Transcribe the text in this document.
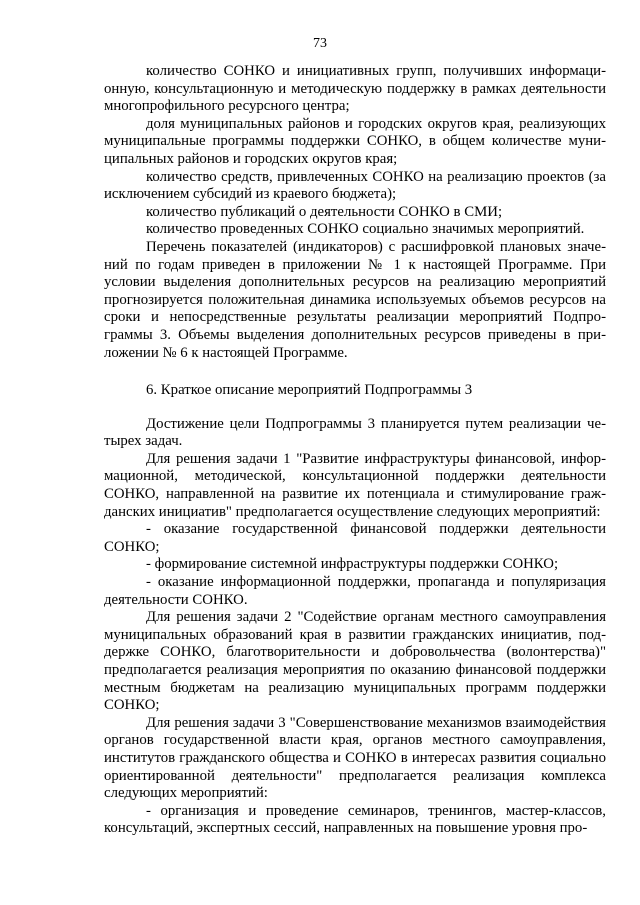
73

количество СОНКО и инициативных групп, получивших информационную, консультационную и методическую поддержку в рамках деятельности многопрофильного ресурсного центра;

доля муниципальных районов и городских округов края, реализующих муниципальные программы поддержки СОНКО, в общем количестве муниципальных районов и городских округов края;

количество средств, привлеченных СОНКО на реализацию проектов (за исключением субсидий из краевого бюджета);

количество публикаций о деятельности СОНКО в СМИ;

количество проведенных СОНКО социально значимых мероприятий.

Перечень показателей (индикаторов) с расшифровкой плановых значений по годам приведен в приложении № 1 к настоящей Программе. При условии выделения дополнительных ресурсов на реализацию мероприятий прогнозируется положительная динамика используемых объемов ресурсов на сроки и непосредственные результаты реализации мероприятий Подпрограммы 3. Объемы выделения дополнительных ресурсов приведены в приложении № 6 к настоящей Программе.

6. Краткое описание мероприятий Подпрограммы 3

Достижение цели Подпрограммы 3 планируется путем реализации четырех задач.

Для решения задачи 1 "Развитие инфраструктуры финансовой, информационной, методической, консультационной поддержки деятельности СОНКО, направленной на развитие их потенциала и стимулирование гражданских инициатив" предполагается осуществление следующих мероприятий:

- оказание государственной финансовой поддержки деятельности СОНКО;

- формирование системной инфраструктуры поддержки СОНКО;

- оказание информационной поддержки, пропаганда и популяризация деятельности СОНКО.

Для решения задачи 2 "Содействие органам местного самоуправления муниципальных образований края в развитии гражданских инициатив, поддержке СОНКО, благотворительности и добровольчества (волонтерства)" предполагается реализация мероприятия по оказанию финансовой поддержки местным бюджетам на реализацию муниципальных программ поддержки СОНКО;

Для решения задачи 3 "Совершенствование механизмов взаимодействия органов государственной власти края, органов местного самоуправления, институтов гражданского общества и СОНКО в интересах развития социально ориентированной деятельности" предполагается реализация комплекса следующих мероприятий:

- организация и проведение семинаров, тренингов, мастер-классов, консультаций, экспертных сессий, направленных на повышение уровня про-
